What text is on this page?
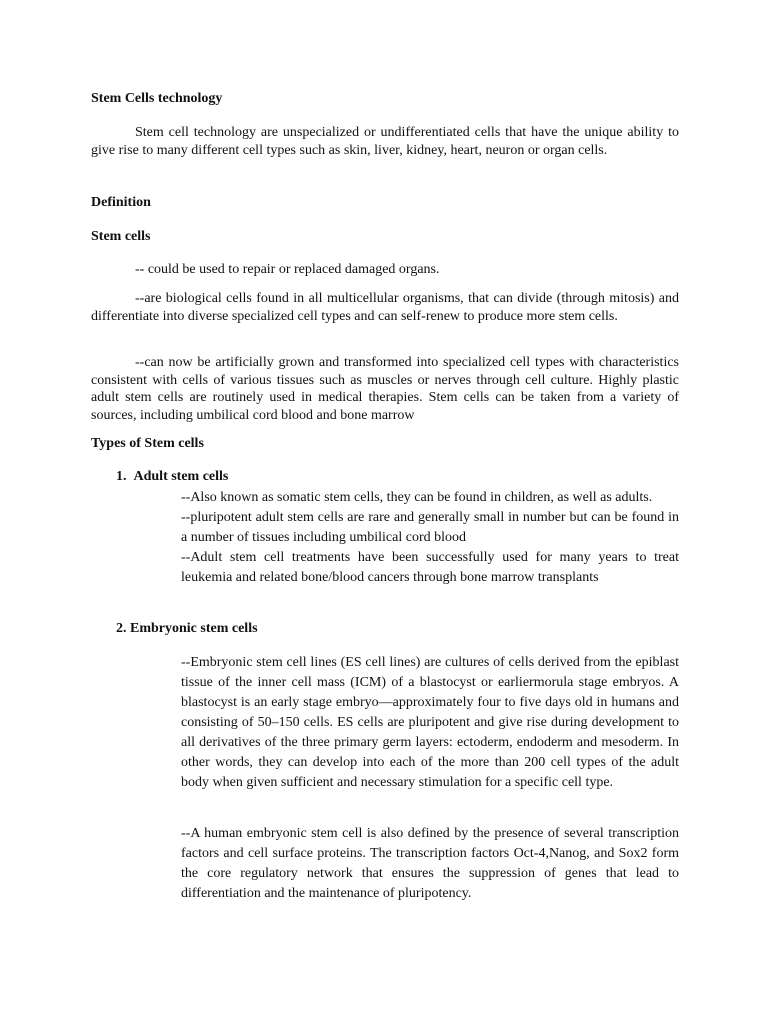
Stem Cells technology

Stem cell technology are unspecialized or undifferentiated cells that have the unique ability to give rise to many different cell types such as skin, liver, kidney, heart, neuron or organ cells.

Definition

Stem cells

-- could be used to repair or replaced damaged organs.

--are biological cells found in all multicellular organisms, that can divide (through mitosis) and differentiate into diverse specialized cell types and can self-renew to produce more stem cells.

--can now be artificially grown and transformed into specialized cell types with characteristics consistent with cells of various tissues such as muscles or nerves through cell culture. Highly plastic adult stem cells are routinely used in medical therapies. Stem cells can be taken from a variety of sources, including umbilical cord blood and bone marrow

Types of Stem cells

1.  Adult stem cells

--Also known as somatic stem cells, they can be found in children, as well as adults.
--pluripotent adult stem cells are rare and generally small in number but can be found in a number of tissues including umbilical cord blood
--Adult stem cell treatments have been successfully used for many years to treat leukemia and related bone/blood cancers through bone marrow transplants

2. Embryonic stem cells

--Embryonic stem cell lines (ES cell lines) are cultures of cells derived from the epiblast tissue of the inner cell mass (ICM) of a blastocyst or earliermorula stage embryos. A blastocyst is an early stage embryo—approximately four to five days old in humans and consisting of 50–150 cells. ES cells are pluripotent and give rise during development to all derivatives of the three primary germ layers: ectoderm, endoderm and mesoderm. In other words, they can develop into each of the more than 200 cell types of the adult body when given sufficient and necessary stimulation for a specific cell type.

--A human embryonic stem cell is also defined by the presence of several transcription factors and cell surface proteins. The transcription factors Oct-4,Nanog, and Sox2 form the core regulatory network that ensures the suppression of genes that lead to differentiation and the maintenance of pluripotency.
